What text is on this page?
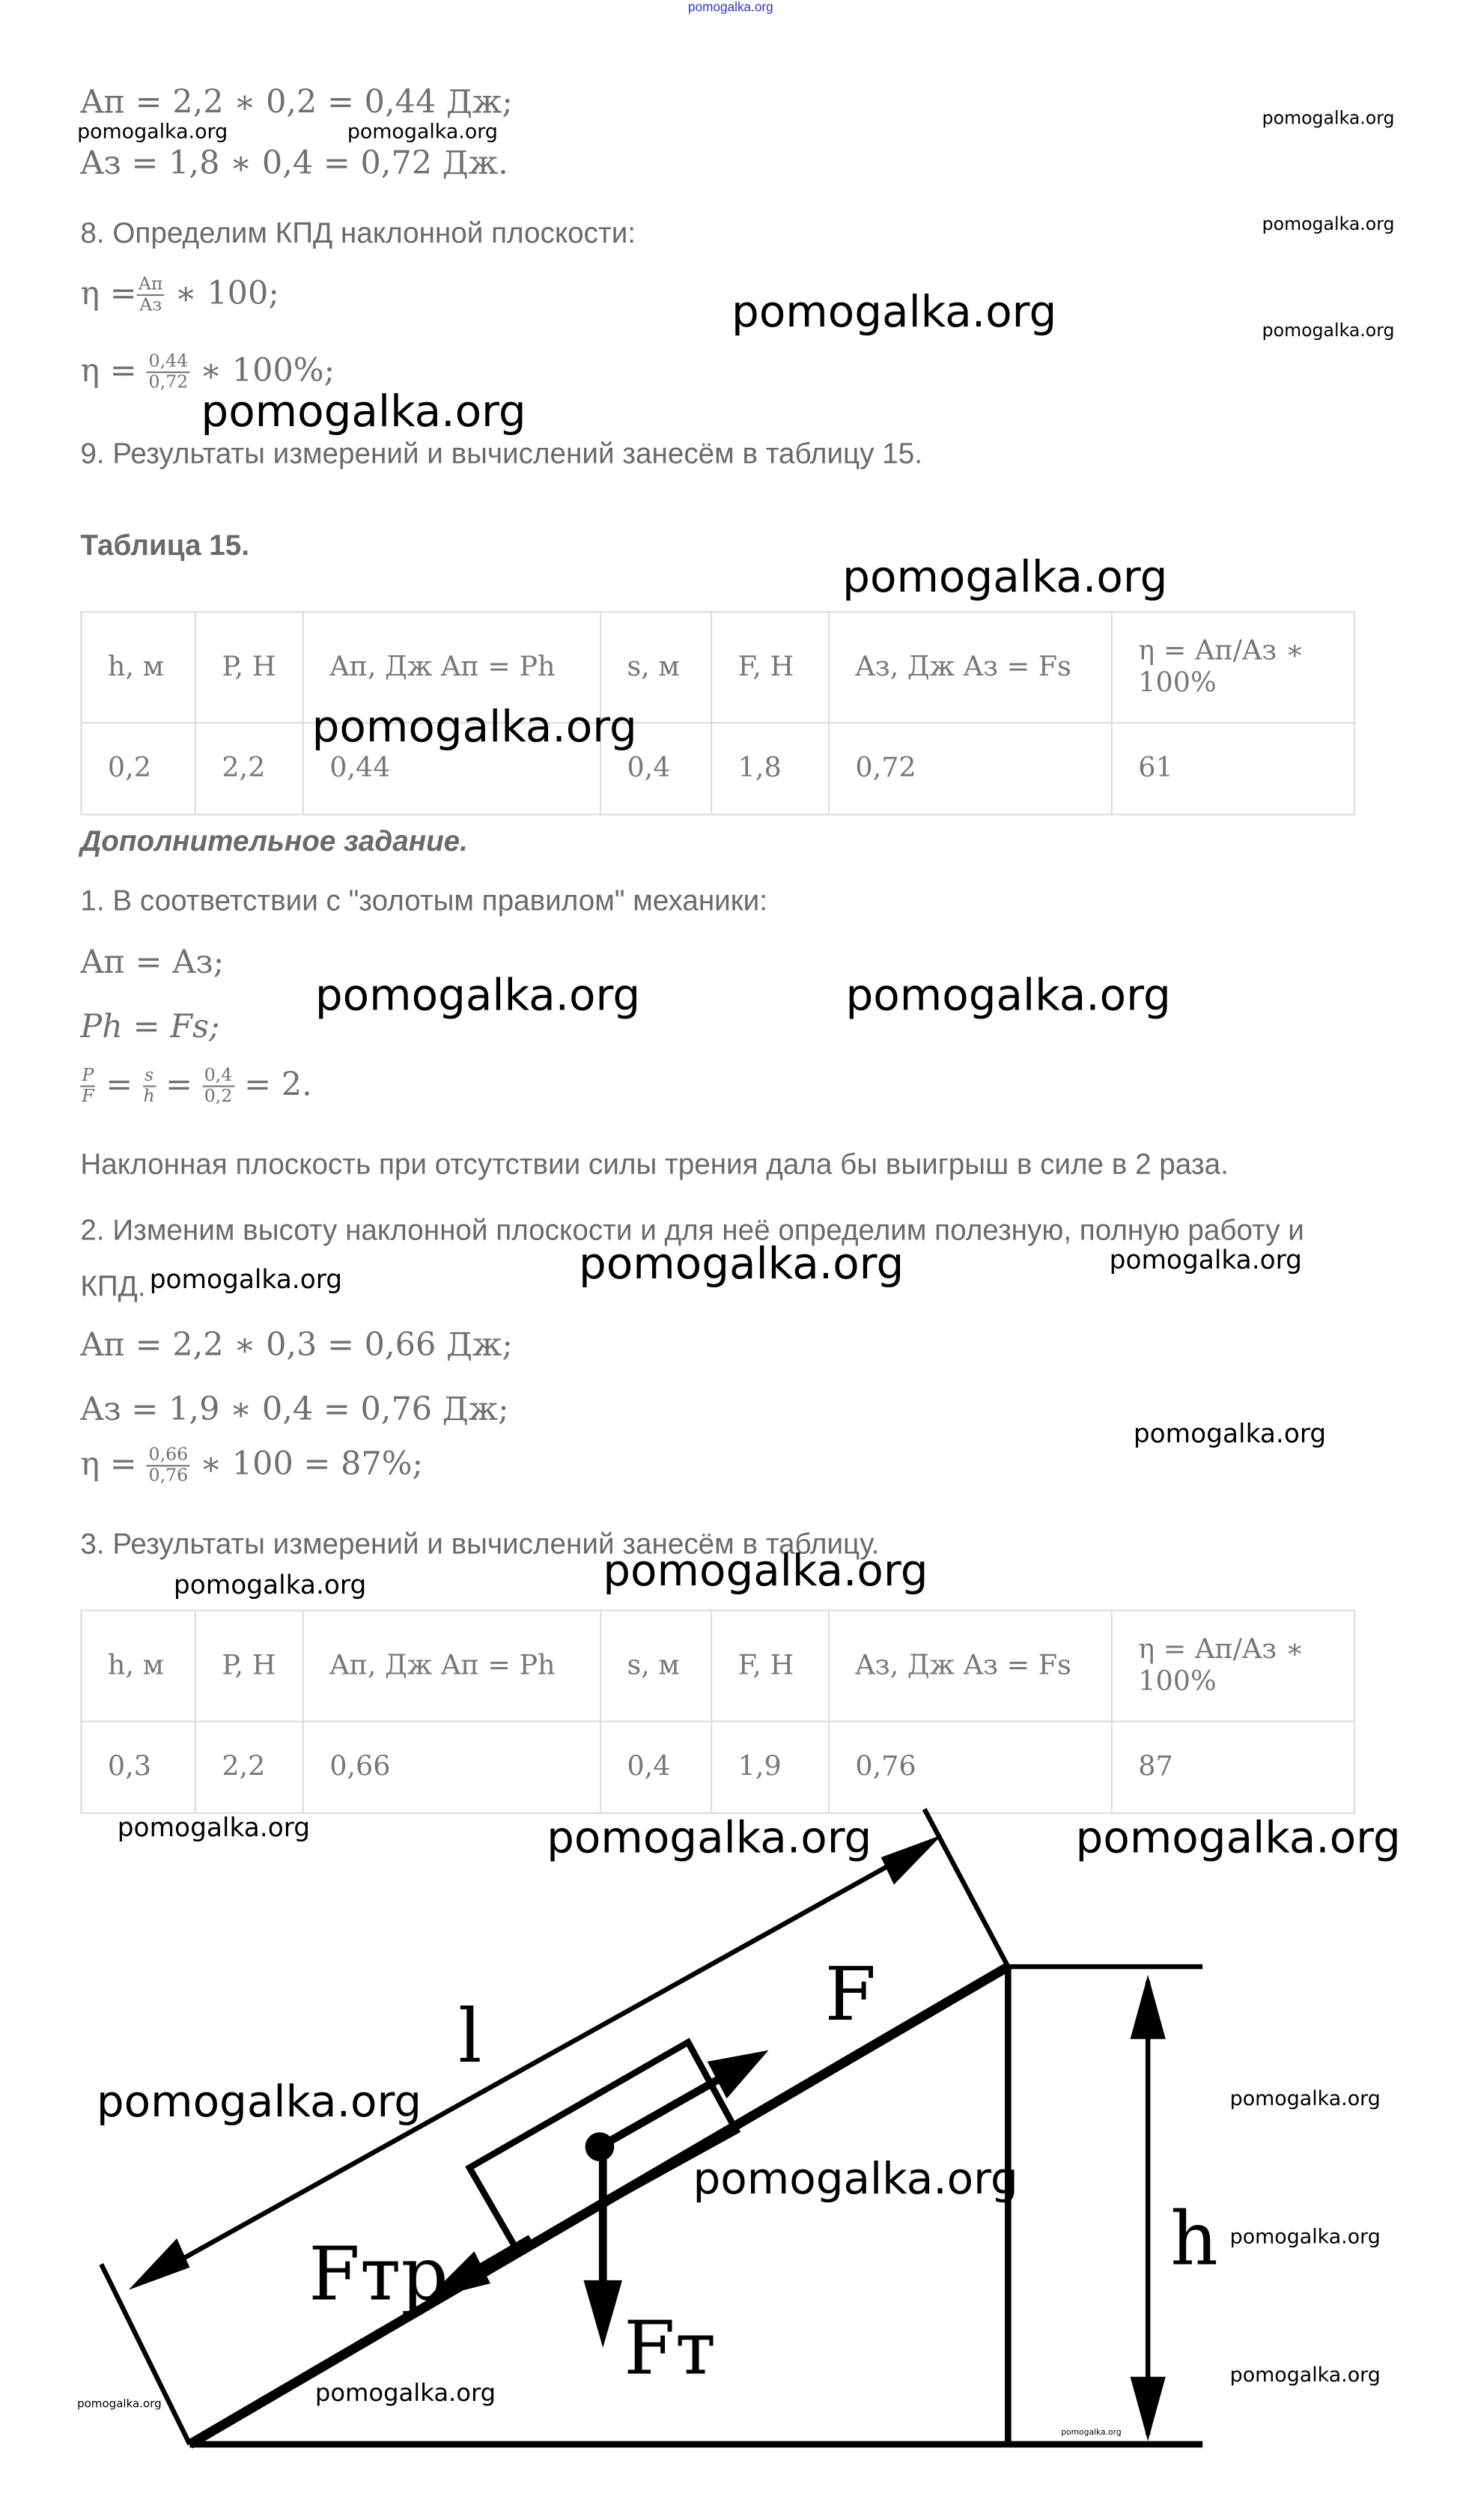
pomogalka.org
Aп = 2,2 ∗ 0,2 = 0,44 Дж;
Aз = 1,8 ∗ 0,4 = 0,72 Дж.
8. Определим КПД наклонной плоскости:
$\eta = \frac{Aп}{Aз}$ ∗ 100;
$\eta = \frac{0,44}{0,72}$ ∗ 100%;
9. Результаты измерений и вычислений занесём в таблицу 15.
Таблица 15.
h, м	P, Н	Aп, Дж Aп = Ph	s, м	F, Н	Aз, Дж Aз = Fs	η = Aп/Aз ∗ 100%
0,2	2,2	0,44	0,4	1,8	0,72	61
Дополнительное задание.
1. В соответствии с "золотым правилом" механики:
Aп = Aз;
Ph = Fs;
$\frac{P}{F} = \frac{s}{h} = \frac{0,4}{0,2} = 2$.
Наклонная плоскость при отсутствии силы трения дала бы выигрыш в силе в 2 раза.
2. Изменим высоту наклонной плоскости и для неё определим полезную, полную работу и
КПД.
Aп = 2,2 ∗ 0,3 = 0,66 Дж;
Aз = 1,9 ∗ 0,4 = 0,76 Дж;
$\eta = \frac{0,66}{0,76}$ ∗ 100 = 87%;
3. Результаты измерений и вычислений занесём в таблицу.
h, м	P, Н	Aп, Дж Aп = Ph	s, м	F, Н	Aз, Дж Aз = Fs	η = Aп/Aз ∗ 100%
0,3	2,2	0,66	0,4	1,9	0,76	87
l	F
h
Fтр
Fт
pomogalka.org	pomogalka.org
pomogalka.org
pomogalka.org
pomogalka.org
pomogalka.org
pomogalka.org
pomogalka.org
pomogalka.org
pomogalka.org	pomogalka.org
pomogalka.org	pomogalka.org	pomogalka.org
pomogalka.org
pomogalka.org	pomogalka.org
pomogalka.org	pomogalka.org	pomogalka.org
pomogalka.org
pomogalka.org
pomogalka.org
pomogalka.org
pomogalka.org
pomogalka.org
pomogalka.org
pomogalka.org
